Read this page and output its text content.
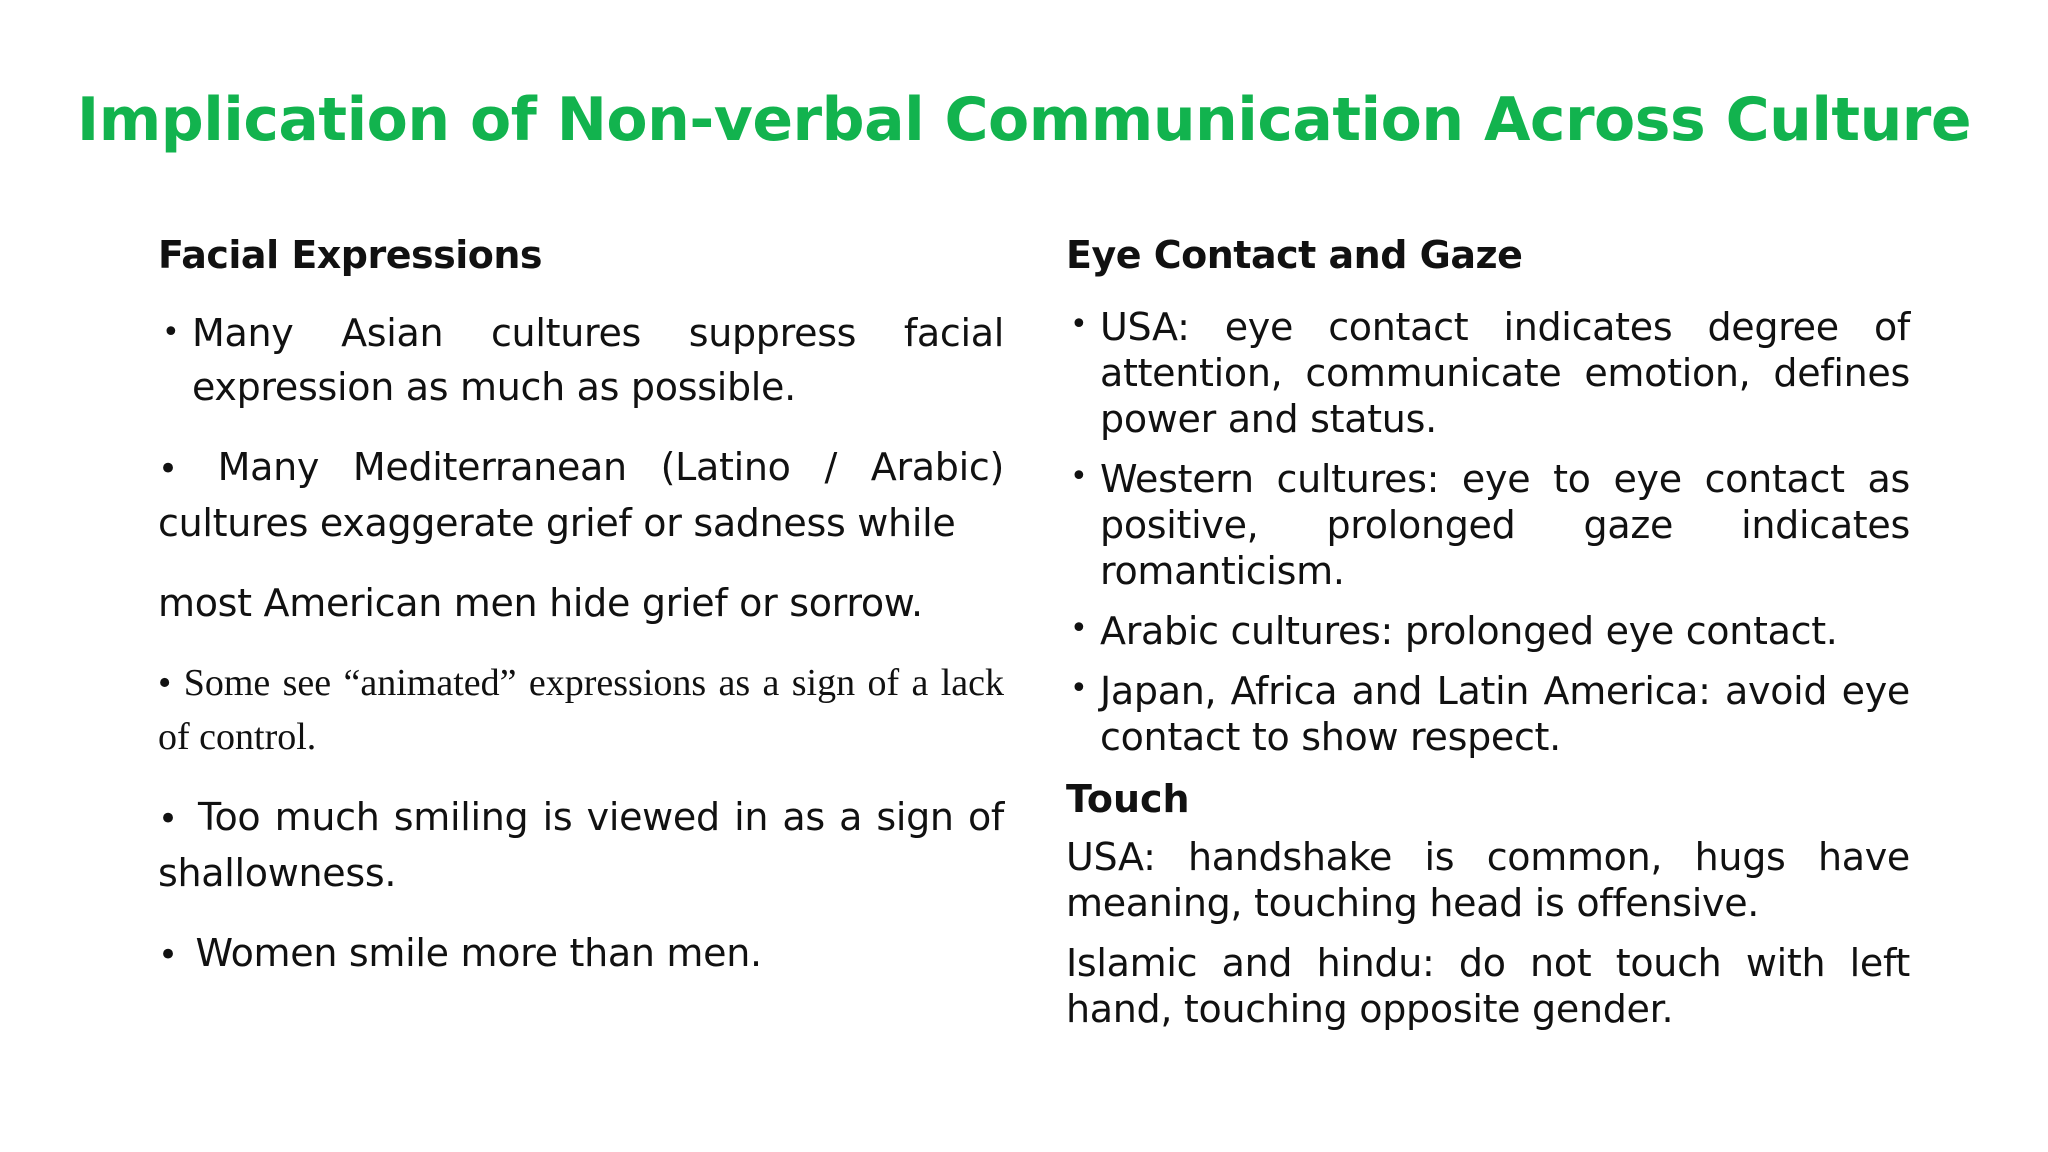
Implication of Non-verbal Communication Across Culture
Facial Expressions
• Many Asian cultures suppress facial expression as much as possible.
• Many Mediterranean (Latino / Arabic) cultures exaggerate grief or sadness while
most American men hide grief or sorrow.
• Some see “animated” expressions as a sign of a lack of control.
• Too much smiling is viewed in as a sign of shallowness.
• Women smile more than men.
Eye Contact and Gaze
• USA: eye contact indicates degree of attention, communicate emotion, defines power and status.
• Western cultures: eye to eye contact as positive, prolonged gaze indicates romanticism.
• Arabic cultures: prolonged eye contact.
• Japan, Africa and Latin America: avoid eye contact to show respect.
Touch
USA: handshake is common, hugs have meaning, touching head is offensive.
Islamic and hindu: do not touch with left hand, touching opposite gender.
